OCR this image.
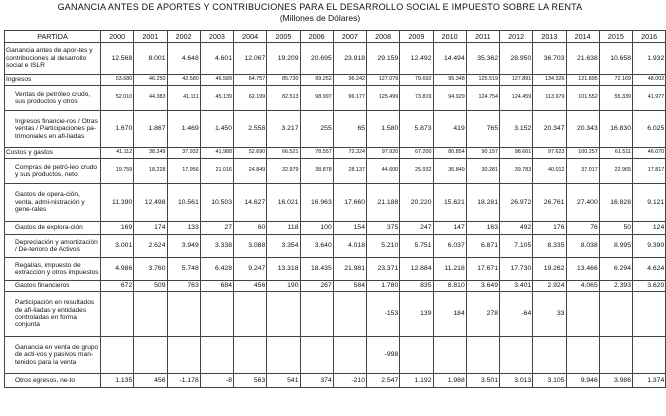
GANANCIA ANTES DE APORTES Y CONTRIBUCIONES PARA EL DESARROLLO SOCIAL E IMPUESTO SOBRE LA RENTA
(Millones de Dólares)
PARTIDA	2000	2001	2002	2003	2004	2005	2006	2007	2008	2009	2010	2011	2012	2013	2014	2015	2016
Ganancia antes de apor-tes y contribuciones al desarrollo social e ISLR	12.568	8.001	4.648	4.601	12.067	19.209	20.695	23.918	29.159	12.492	14.494	35.362	28.950	36.703	21.638	10.658	1.932
Ingresos	53.680	46.250	42.580	46.589	64.757	85.730	99.252	96.242	127.079	79.692	95.348	125.519	127.891	134.326	121.895	72.169	48.002
Ventas de petróleo crudo, sus productos y otros	52.010	44.383	41.111	45.139	62.199	82.513	98.997	96.177	125.499	73.819	94.929	124.754	124.459	113.979	101.552	55.339	41.977
Ingresos financie-ros / Otras ventas / Participaciones pa-trimoniales en afi-liadas	1.670	1.867	1.469	1.450	2.558	3.217	255	65	1.580	5.873	419	765	3.152	20.347	20.343	16.830	6.025
Costos y gastos	41.112	38.249	37.932	41.988	52.690	66.521	78.557	72.324	97.920	67.200	80.854	90.157	98.661	97.623	100.257	61.511	46.070
Compras de petró-leo crudo y sus productos, neto	19.759	18.228	17.956	21.016	24.849	32.979	38.878	28.137	44.600	25.932	36.849	30.281	39.783	40.012	37.017	22.965	17.817
Gastos de opera-ción, venta, admi-nistración y gene-rales	11.390	12.498	10.561	10.503	14.627	16.021	16.963	17.660	21.188	20.220	15.621	18.281	26.972	26.761	27.400	16.828	9.121
Gastos de explora-ción	169	174	133	27	60	118	100	154	375	247	147	163	492	176	76	50	124
Depreciación y amortización / De-terioro de Activos	3.001	2.624	3.949	3.338	3.088	3.354	3.640	4.018	5.210	5.751	6.037	6.871	7.105	8.335	8.038	8.995	9.390
Regalías, impuesto de extracción y otros impuestos	4.986	3.760	5.748	6.428	9.247	13.318	18.435	21.981	23.371	12.884	11.218	17.671	17.730	19.262	13.466	6.294	4.624
Gastos financieros	672	509	763	684	456	190	267	584	1.780	835	8.810	3.649	3.401	2.924	4.065	2.393	3.620
Participación en resultados de afi-liadas y entidades controladas en forma conjunta									-153	139	184	278	-64	33			
Ganancia en venta de grupo de acti-vos y pasivos man-tenidos para la venta									-998								
Otros egresos, ne-to	1.135	456	-1.178	-8	563	541	374	-210	2.547	1.192	1.988	3.501	3.013	3.105	9.946	3.986	1.374
